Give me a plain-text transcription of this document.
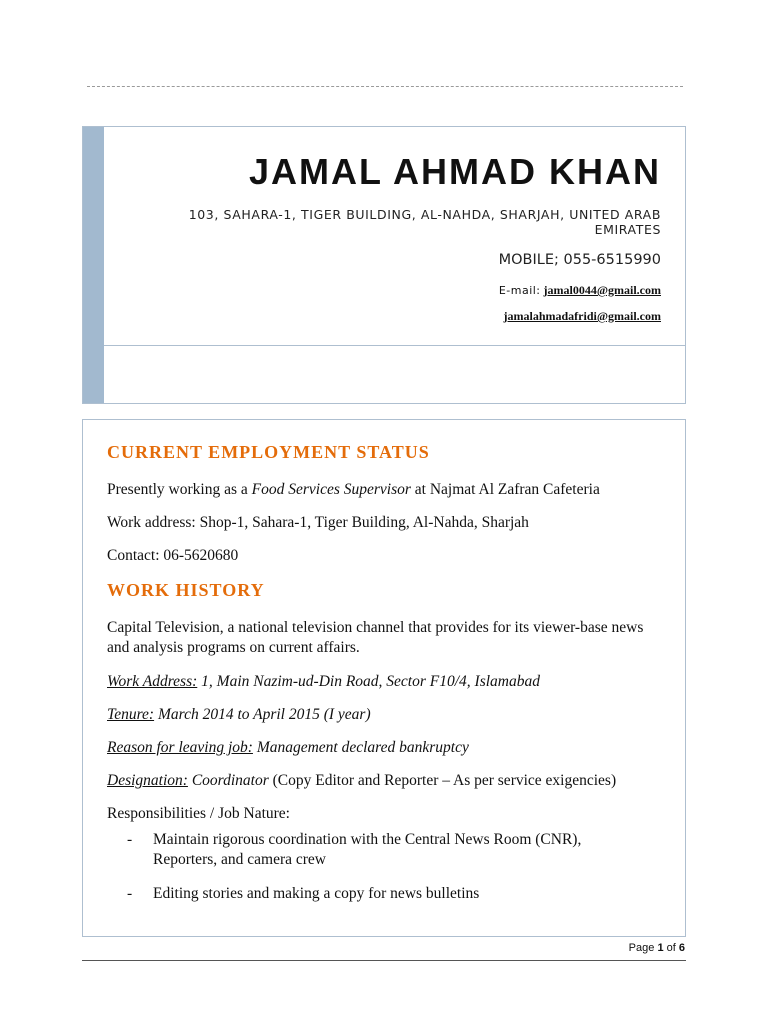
JAMAL AHMAD KHAN
103, SAHARA-1, TIGER BUILDING, AL-NAHDA, SHARJAH, UNITED ARAB EMIRATES
MOBILE; 055-6515990
E-mail: jamal0044@gmail.com
jamalahmadafridi@gmail.com
CURRENT EMPLOYMENT STATUS
Presently working as a Food Services Supervisor at Najmat Al Zafran Cafeteria
Work address: Shop-1, Sahara-1, Tiger Building, Al-Nahda, Sharjah
Contact: 06-5620680
WORK HISTORY
Capital Television, a national television channel that provides for its viewer-base news and analysis programs on current affairs.
Work Address: 1, Main Nazim-ud-Din Road, Sector F10/4, Islamabad
Tenure: March 2014 to April 2015 (I year)
Reason for leaving job: Management declared bankruptcy
Designation: Coordinator (Copy Editor and Reporter – As per service exigencies)
Responsibilities / Job Nature:
- Maintain rigorous coordination with the Central News Room (CNR), Reporters, and camera crew
- Editing stories and making a copy for news bulletins
Page 1 of 6
